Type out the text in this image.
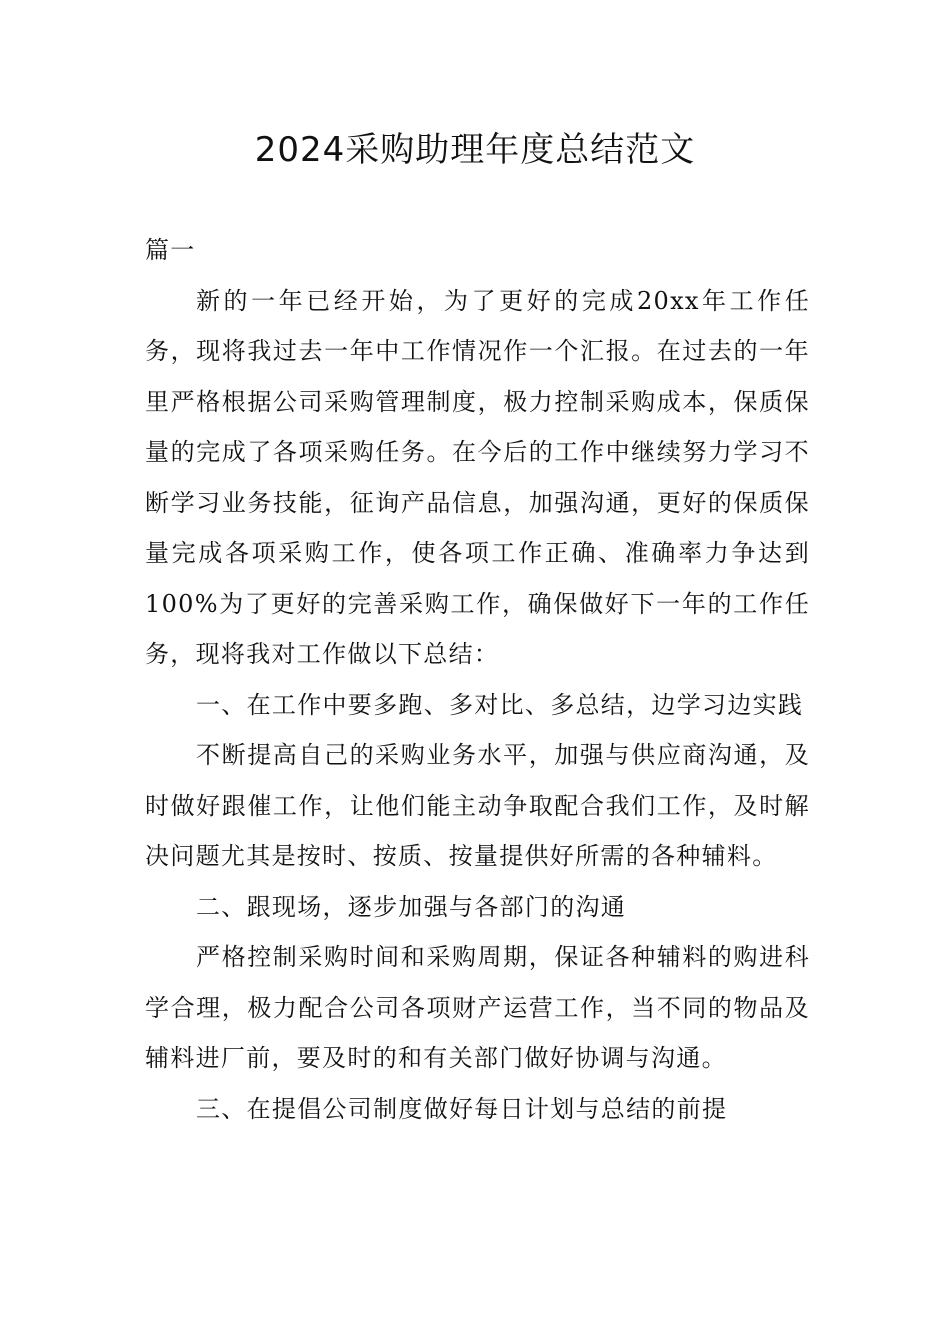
2024采购助理年度总结范文

篇一

新的一年已经开始，为了更好的完成20xx年工作任务，现将我过去一年中工作情况作一个汇报。在过去的一年里严格根据公司采购管理制度，极力控制采购成本，保质保量的完成了各项采购任务。在今后的工作中继续努力学习不断学习业务技能，征询产品信息，加强沟通，更好的保质保量完成各项采购工作，使各项工作正确、准确率力争达到100%为了更好的完善采购工作，确保做好下一年的工作任务，现将我对工作做以下总结：

一、在工作中要多跑、多对比、多总结，边学习边实践

不断提高自己的采购业务水平，加强与供应商沟通，及时做好跟催工作，让他们能主动争取配合我们工作，及时解决问题尤其是按时、按质、按量提供好所需的各种辅料。

二、跟现场，逐步加强与各部门的沟通

严格控制采购时间和采购周期，保证各种辅料的购进科学合理，极力配合公司各项财产运营工作，当不同的物品及辅料进厂前，要及时的和有关部门做好协调与沟通。

三、在提倡公司制度做好每日计划与总结的前提
